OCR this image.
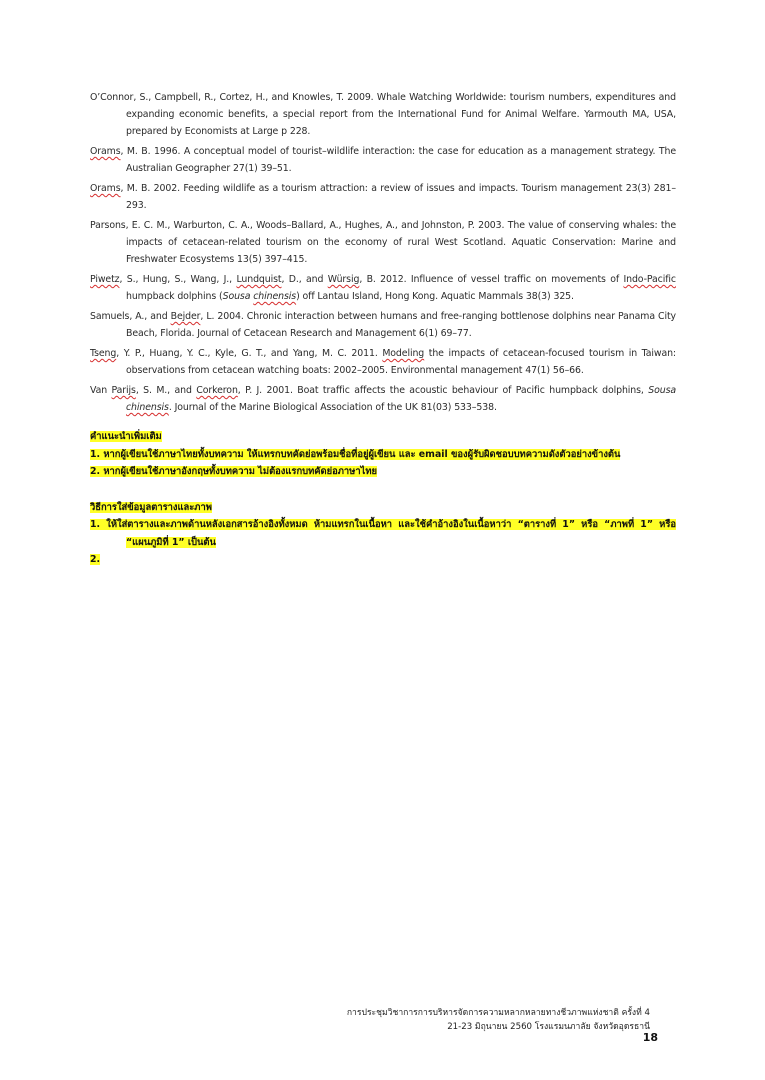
O’Connor, S., Campbell, R., Cortez, H., and Knowles, T. 2009. Whale Watching Worldwide: tourism numbers, expenditures and expanding economic benefits, a special report from the International Fund for Animal Welfare. Yarmouth MA, USA, prepared by Economists at Large p 228.

Orams, M. B. 1996. A conceptual model of tourist–wildlife interaction: the case for education as a management strategy. The Australian Geographer 27(1) 39–51.

Orams, M. B. 2002. Feeding wildlife as a tourism attraction: a review of issues and impacts. Tourism management 23(3) 281–293.

Parsons, E. C. M., Warburton, C. A., Woods–Ballard, A., Hughes, A., and Johnston, P. 2003. The value of conserving whales: the impacts of cetacean-related tourism on the economy of rural West Scotland. Aquatic Conservation: Marine and Freshwater Ecosystems 13(5) 397–415.

Piwetz, S., Hung, S., Wang, J., Lundquist, D., and Würsig, B. 2012. Influence of vessel traffic on movements of Indo-Pacific humpback dolphins (Sousa chinensis) off Lantau Island, Hong Kong. Aquatic Mammals 38(3) 325.

Samuels, A., and Bejder, L. 2004. Chronic interaction between humans and free-ranging bottlenose dolphins near Panama City Beach, Florida. Journal of Cetacean Research and Management 6(1) 69–77.

Tseng, Y. P., Huang, Y. C., Kyle, G. T., and Yang, M. C. 2011. Modeling the impacts of cetacean-focused tourism in Taiwan: observations from cetacean watching boats: 2002–2005. Environmental management 47(1) 56–66.

Van Parijs, S. M., and Corkeron, P. J. 2001. Boat traffic affects the acoustic behaviour of Pacific humpback dolphins, Sousa chinensis. Journal of the Marine Biological Association of the UK 81(03) 533–538.

คำแนะนำเพิ่มเติม

1. หากผู้เขียนใช้ภาษาไทยทั้งบทความ ให้แทรกบทคัดย่อพร้อมชื่อที่อยู่ผู้เขียน และ email ของผู้รับผิดชอบบทความดังตัวอย่างข้างต้น

2. หากผู้เขียนใช้ภาษาอังกฤษทั้งบทความ ไม่ต้องแรกบทคัดย่อภาษาไทย

วิธีการใส่ข้อมูลตารางและภาพ

1. ให้ใส่ตารางและภาพด้านหลังเอกสารอ้างอิงทั้งหมด ห้ามแทรกในเนื้อหา และใช้คำอ้างอิงในเนื้อหาว่า “ตารางที่ 1” หรือ “ภาพที่ 1” หรือ “แผนภูมิที่ 1” เป็นต้น

2.

การประชุมวิชาการการบริหารจัดการความหลากหลายทางชีวภาพแห่งชาติ ครั้งที่ 4
21-23 มิถุนายน 2560 โรงแรมนภาลัย จังหวัดอุดรธานี
18
